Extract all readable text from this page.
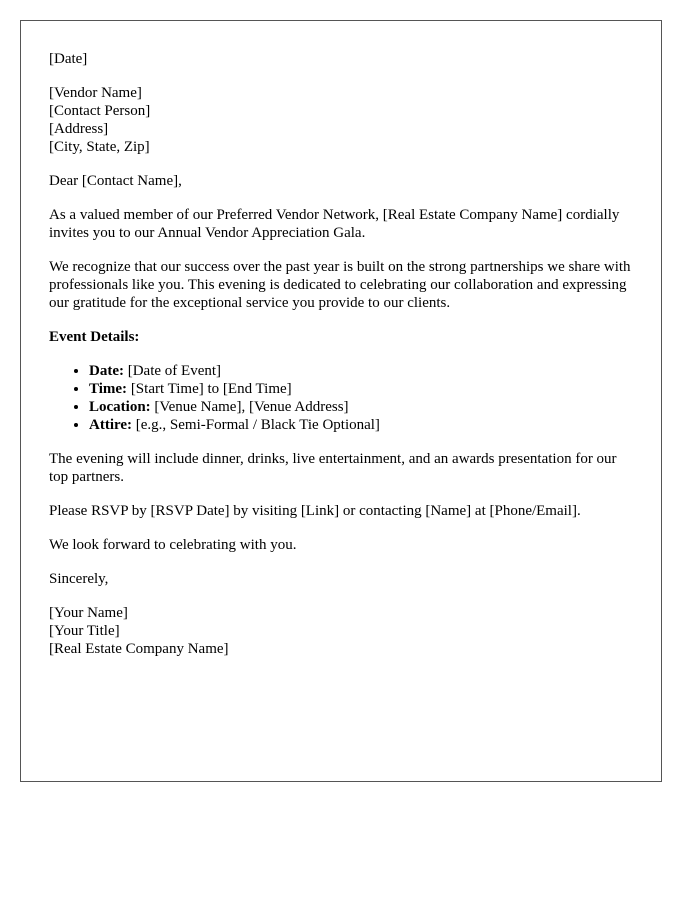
[Date]

[Vendor Name]
[Contact Person]
[Address]
[City, State, Zip]

Dear [Contact Name],

As a valued member of our Preferred Vendor Network, [Real Estate Company Name] cordially invites you to our Annual Vendor Appreciation Gala.

We recognize that our success over the past year is built on the strong partnerships we share with professionals like you. This evening is dedicated to celebrating our collaboration and expressing our gratitude for the exceptional service you provide to our clients.

Event Details:

• Date: [Date of Event]
• Time: [Start Time] to [End Time]
• Location: [Venue Name], [Venue Address]
• Attire: [e.g., Semi-Formal / Black Tie Optional]

The evening will include dinner, drinks, live entertainment, and an awards presentation for our top partners.

Please RSVP by [RSVP Date] by visiting [Link] or contacting [Name] at [Phone/Email].

We look forward to celebrating with you.

Sincerely,

[Your Name]
[Your Title]
[Real Estate Company Name]
